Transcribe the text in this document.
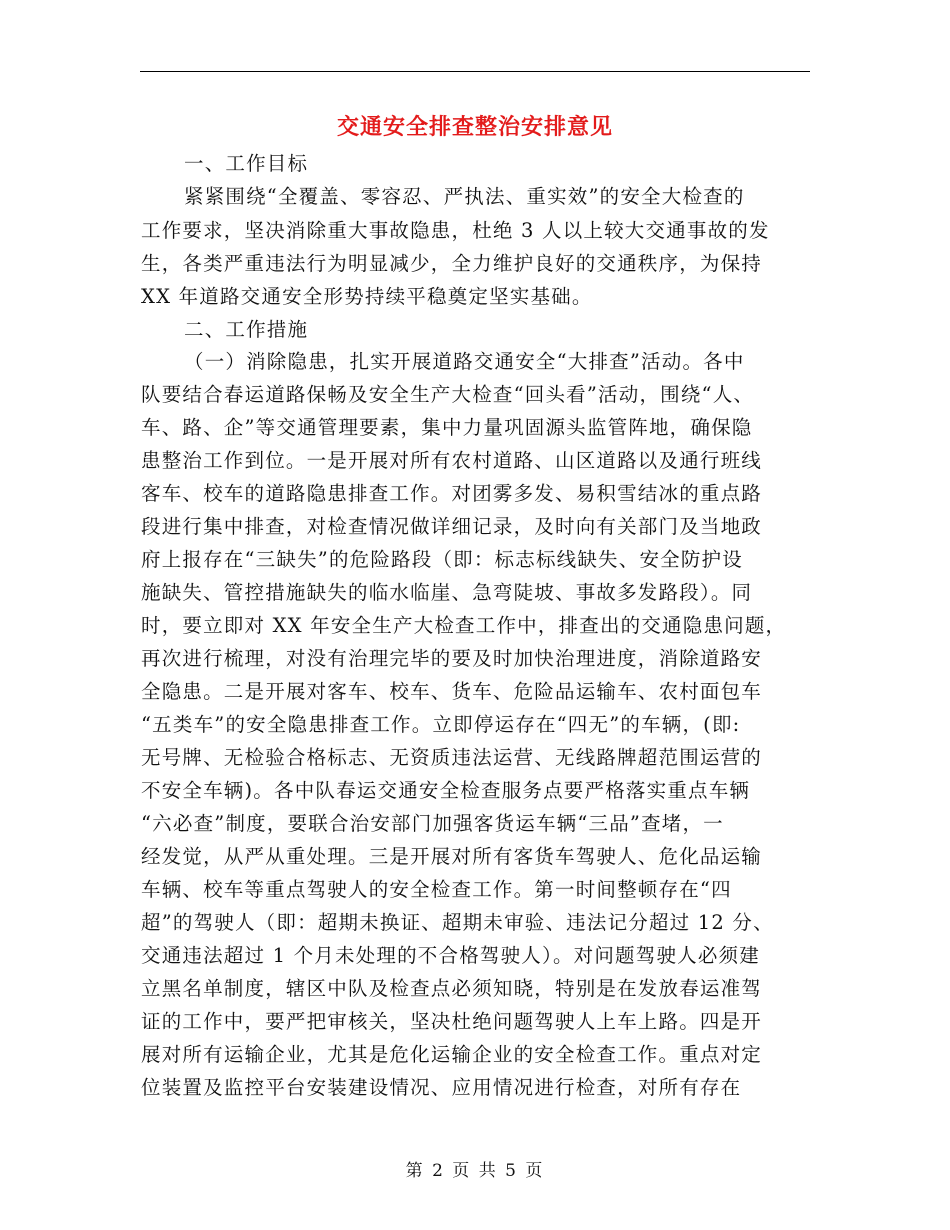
交通安全排查整治安排意见
一、工作目标
紧紧围绕“全覆盖、零容忍、严执法、重实效”的安全大检查的
工作要求，坚决消除重大事故隐患，杜绝 3 人以上较大交通事故的发
生，各类严重违法行为明显减少，全力维护良好的交通秩序，为保持
XX 年道路交通安全形势持续平稳奠定坚实基础。
二、工作措施
（一）消除隐患，扎实开展道路交通安全“大排查”活动。各中
队要结合春运道路保畅及安全生产大检查“回头看”活动，围绕“人、
车、路、企”等交通管理要素，集中力量巩固源头监管阵地，确保隐
患整治工作到位。一是开展对所有农村道路、山区道路以及通行班线
客车、校车的道路隐患排查工作。对团雾多发、易积雪结冰的重点路
段进行集中排查，对检查情况做详细记录，及时向有关部门及当地政
府上报存在“三缺失”的危险路段（即：标志标线缺失、安全防护设
施缺失、管控措施缺失的临水临崖、急弯陡坡、事故多发路段）。同
时，要立即对 XX 年安全生产大检查工作中，排查出的交通隐患问题，
再次进行梳理，对没有治理完毕的要及时加快治理进度，消除道路安
全隐患。二是开展对客车、校车、货车、危险品运输车、农村面包车
“五类车”的安全隐患排查工作。立即停运存在“四无”的车辆，(即:
无号牌、无检验合格标志、无资质违法运营、无线路牌超范围运营的
不安全车辆)。各中队春运交通安全检查服务点要严格落实重点车辆
“六必查”制度，要联合治安部门加强客货运车辆“三品”查堵，一
经发觉，从严从重处理。三是开展对所有客货车驾驶人、危化品运输
车辆、校车等重点驾驶人的安全检查工作。第一时间整顿存在“四
超”的驾驶人（即：超期未换证、超期未审验、违法记分超过 12 分、
交通违法超过 1 个月未处理的不合格驾驶人）。对问题驾驶人必须建
立黑名单制度，辖区中队及检查点必须知晓，特别是在发放春运准驾
证的工作中，要严把审核关，坚决杜绝问题驾驶人上车上路。四是开
展对所有运输企业，尤其是危化运输企业的安全检查工作。重点对定
位装置及监控平台安装建设情况、应用情况进行检查，对所有存在
第 2 页 共 5 页
